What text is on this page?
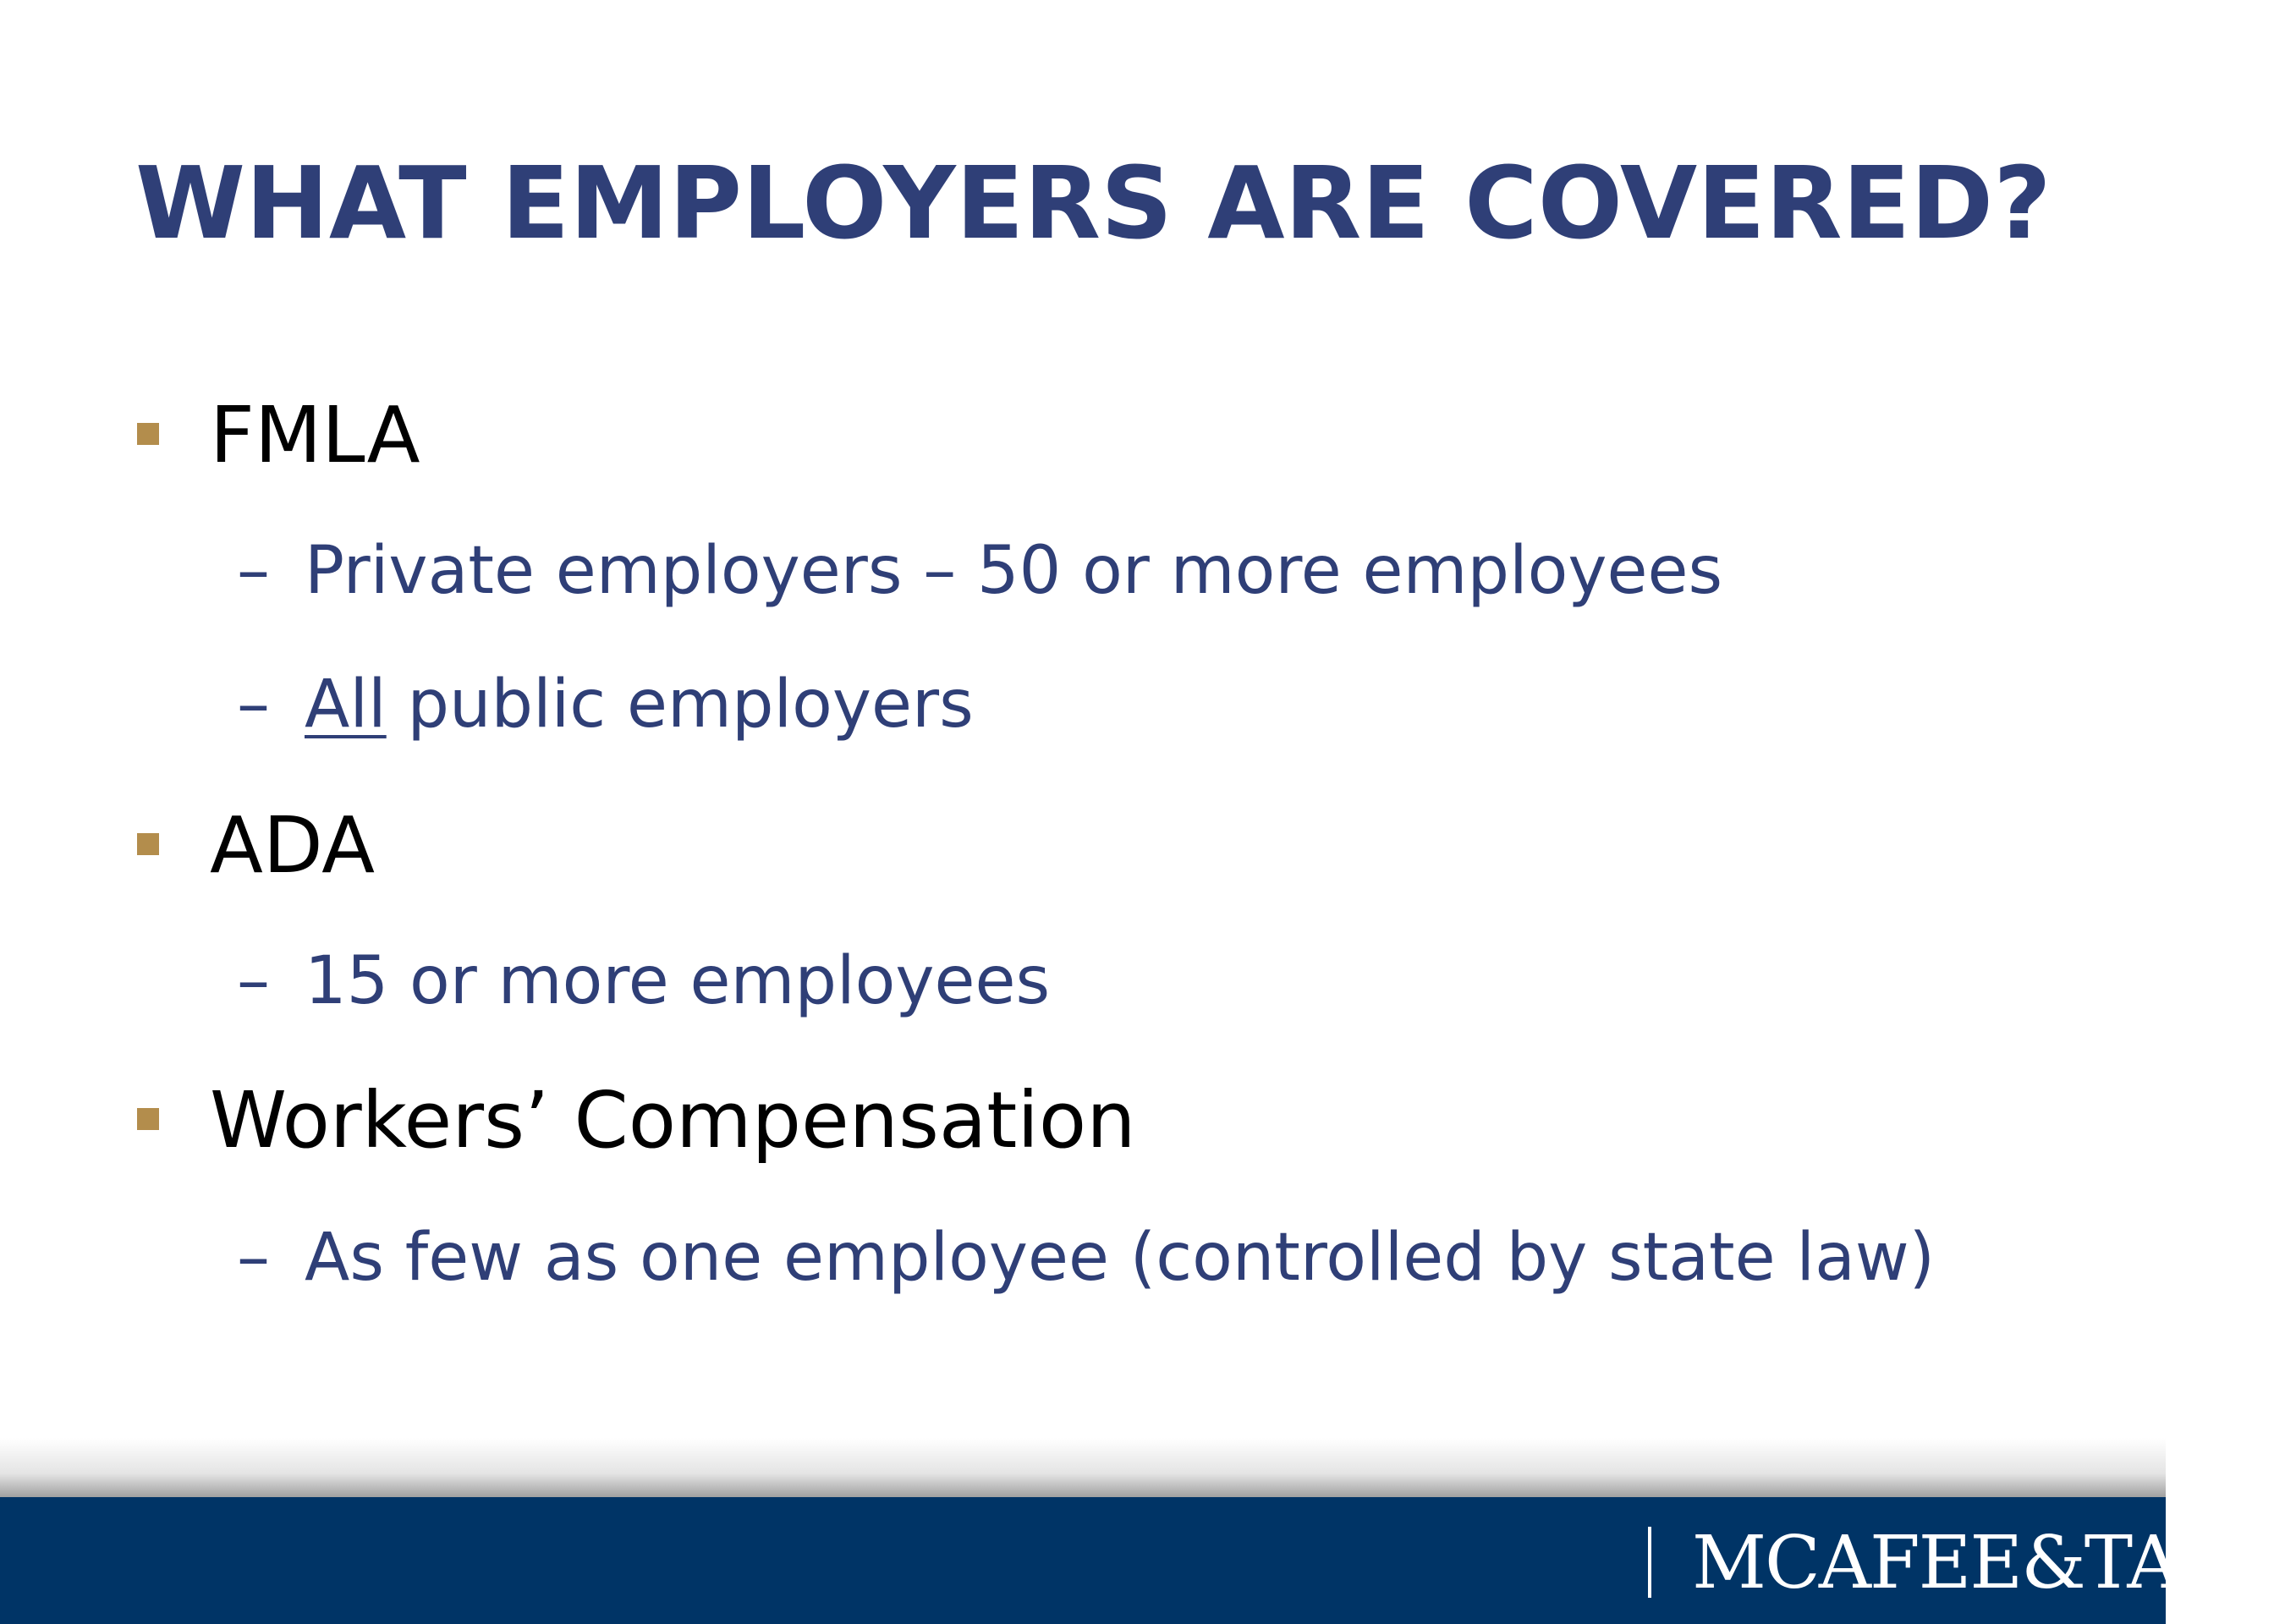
WHAT EMPLOYERS ARE COVERED?
FMLA
– Private employers – 50 or more employees
– All public employers
ADA
– 15 or more employees
Workers’ Compensation
– As few as one employee (controlled by state law)
MCAFEE&TAFT
